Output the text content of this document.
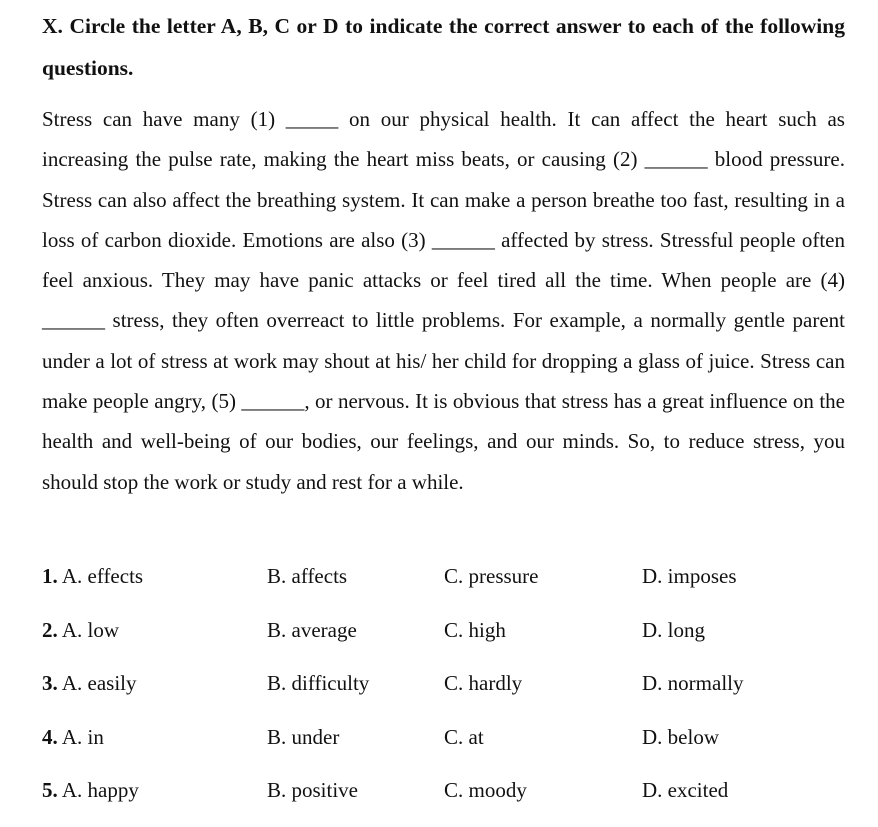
X. Circle the letter A, B, C or D to indicate the correct answer to each of the following questions.

Stress can have many (1) _____ on our physical health. It can affect the heart such as increasing the pulse rate, making the heart miss beats, or causing (2) ______ blood pressure. Stress can also affect the breathing system. It can make a person breathe too fast, resulting in a loss of carbon dioxide. Emotions are also (3) ______ affected by stress. Stressful people often feel anxious. They may have panic attacks or feel tired all the time. When people are (4) ______ stress, they often overreact to little problems. For example, a normally gentle parent under a lot of stress at work may shout at his/ her child for dropping a glass of juice. Stress can make people angry, (5) ______, or nervous. It is obvious that stress has a great influence on the health and well-being of our bodies, our feelings, and our minds. So, to reduce stress, you should stop the work or study and rest for a while.

1. A. effects	B. affects	C. pressure	D. imposes
2. A. low	B. average	C. high	D. long
3. A. easily	B. difficulty	C. hardly	D. normally
4. A. in	B. under	C. at	D. below
5. A. happy	B. positive	C. moody	D. excited
